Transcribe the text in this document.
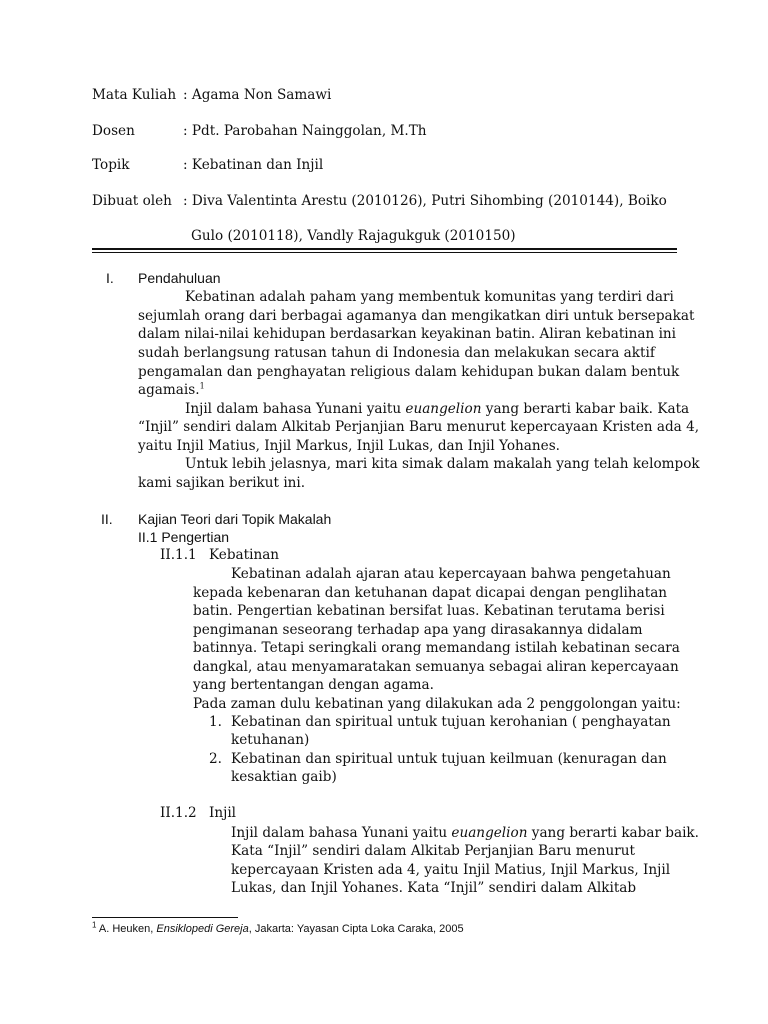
Mata Kuliah : Agama Non Samawi
Dosen	: Pdt. Parobahan Nainggolan, M.Th
Topik	: Kebatinan dan Injil
Dibuat oleh : Diva Valentinta Arestu (2010126), Putri Sihombing (2010144), Boiko
Gulo (2010118), Vandly Rajagukguk (2010150)
I. Pendahuluan
Kebatinan adalah paham yang membentuk komunitas yang terdiri dari
sejumlah orang dari berbagai agamanya dan mengikatkan diri untuk bersepakat
dalam nilai-nilai kehidupan berdasarkan keyakinan batin. Aliran kebatinan ini
sudah berlangsung ratusan tahun di Indonesia dan melakukan secara aktif
pengamalan dan penghayatan religious dalam kehidupan bukan dalam bentuk
agamais.$^1$
Injil dalam bahasa Yunani yaitu euangelion yang berarti kabar baik. Kata
“Injil” sendiri dalam Alkitab Perjanjian Baru menurut kepercayaan Kristen ada 4,
yaitu Injil Matius, Injil Markus, Injil Lukas, dan Injil Yohanes.
Untuk lebih jelasnya, mari kita simak dalam makalah yang telah kelompok
kami sajikan berikut ini.
II. Kajian Teori dari Topik Makalah
II.1 Pengertian
II.1.1 Kebatinan
Kebatinan adalah ajaran atau kepercayaan bahwa pengetahuan
kepada kebenaran dan ketuhanan dapat dicapai dengan penglihatan
batin. Pengertian kebatinan bersifat luas. Kebatinan terutama berisi
pengimanan seseorang terhadap apa yang dirasakannya didalam
batinnya. Tetapi seringkali orang memandang istilah kebatinan secara
dangkal, atau menyamaratakan semuanya sebagai aliran kepercayaan
yang bertentangan dengan agama.
Pada zaman dulu kebatinan yang dilakukan ada 2 penggolongan yaitu:
1. Kebatinan dan spiritual untuk tujuan kerohanian ( penghayatan
ketuhanan)
2. Kebatinan dan spiritual untuk tujuan keilmuan (kenuragan dan
kesaktian gaib)
II.1.2 Injil
Injil dalam bahasa Yunani yaitu euangelion yang berarti kabar baik.
Kata “Injil” sendiri dalam Alkitab Perjanjian Baru menurut
kepercayaan Kristen ada 4, yaitu Injil Matius, Injil Markus, Injil
Lukas, dan Injil Yohanes. Kata “Injil” sendiri dalam Alkitab
$^1$ A. Heuken, Ensiklopedi Gereja, Jakarta: Yayasan Cipta Loka Caraka, 2005
